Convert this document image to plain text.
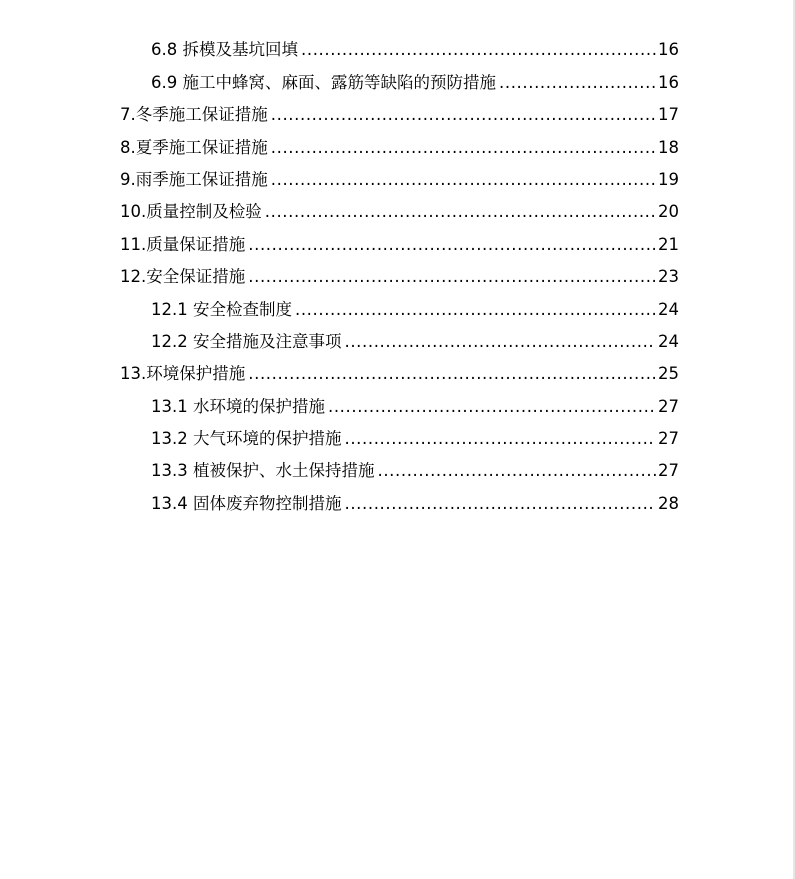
6.8 拆模及基坑回填 .....	16
6.9 施工中蜂窝、麻面、露筋等缺陷的预防措施 .....	16
7.冬季施工保证措施 .....	17
8.夏季施工保证措施 .....	18
9.雨季施工保证措施 .....	19
10.质量控制及检验 .....	20
11.质量保证措施 .....	21
12.安全保证措施 .....	23
12.1 安全检查制度 .....	24
12.2 安全措施及注意事项 .....	24
13.环境保护措施 .....	25
13.1 水环境的保护措施 .....	27
13.2 大气环境的保护措施 .....	27
13.3 植被保护、水土保持措施 .....	27
13.4 固体废弃物控制措施 .....	28
